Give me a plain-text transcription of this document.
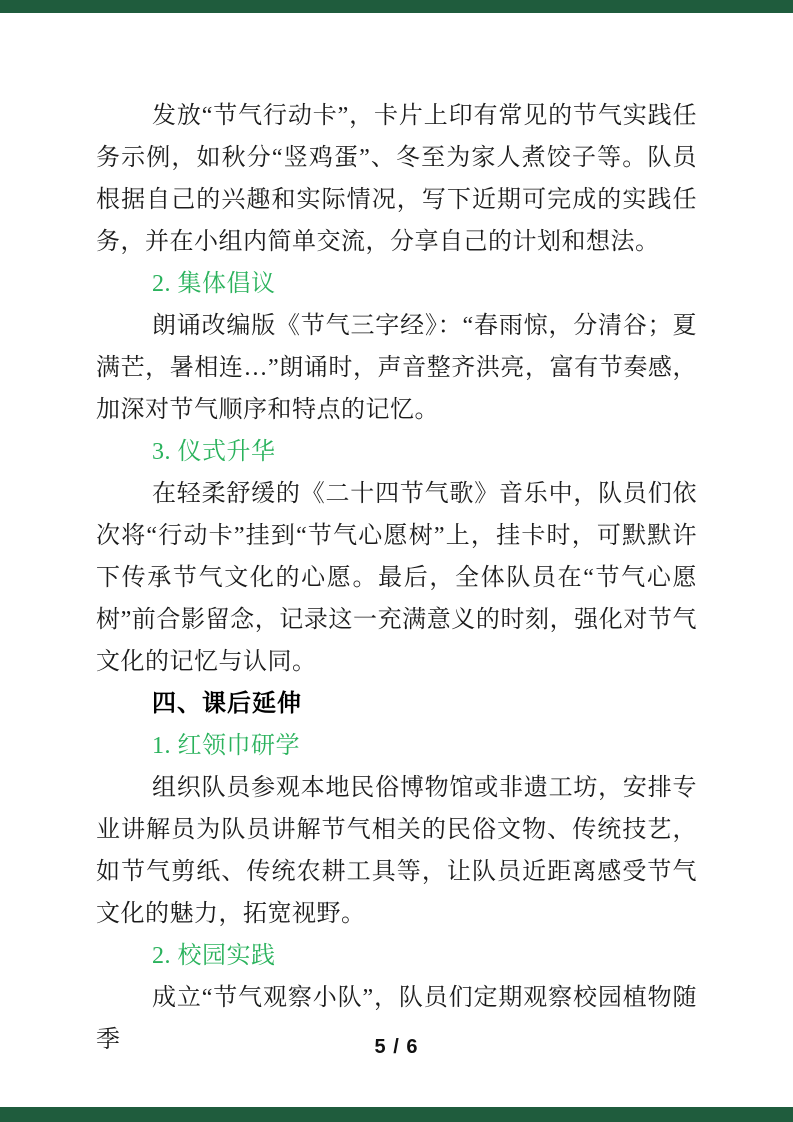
发放“节气行动卡”，卡片上印有常见的节气实践任务示例，如秋分“竖鸡蛋”、冬至为家人煮饺子等。队员根据自己的兴趣和实际情况，写下近期可完成的实践任务，并在小组内简单交流，分享自己的计划和想法。
2. 集体倡议
朗诵改编版《节气三字经》：“春雨惊，分清谷；夏满芒，暑相连…”朗诵时，声音整齐洪亮，富有节奏感，加深对节气顺序和特点的记忆。
3. 仪式升华
在轻柔舒缓的《二十四节气歌》音乐中，队员们依次将“行动卡”挂到“节气心愿树”上，挂卡时，可默默许下传承节气文化的心愿。最后，全体队员在“节气心愿树”前合影留念，记录这一充满意义的时刻，强化对节气文化的记忆与认同。
四、课后延伸
1. 红领巾研学
组织队员参观本地民俗博物馆或非遗工坊，安排专业讲解员为队员讲解节气相关的民俗文物、传统技艺，如节气剪纸、传统农耕工具等，让队员近距离感受节气文化的魅力，拓宽视野。
2. 校园实践
成立“节气观察小队”，队员们定期观察校园植物随季	5 / 6
